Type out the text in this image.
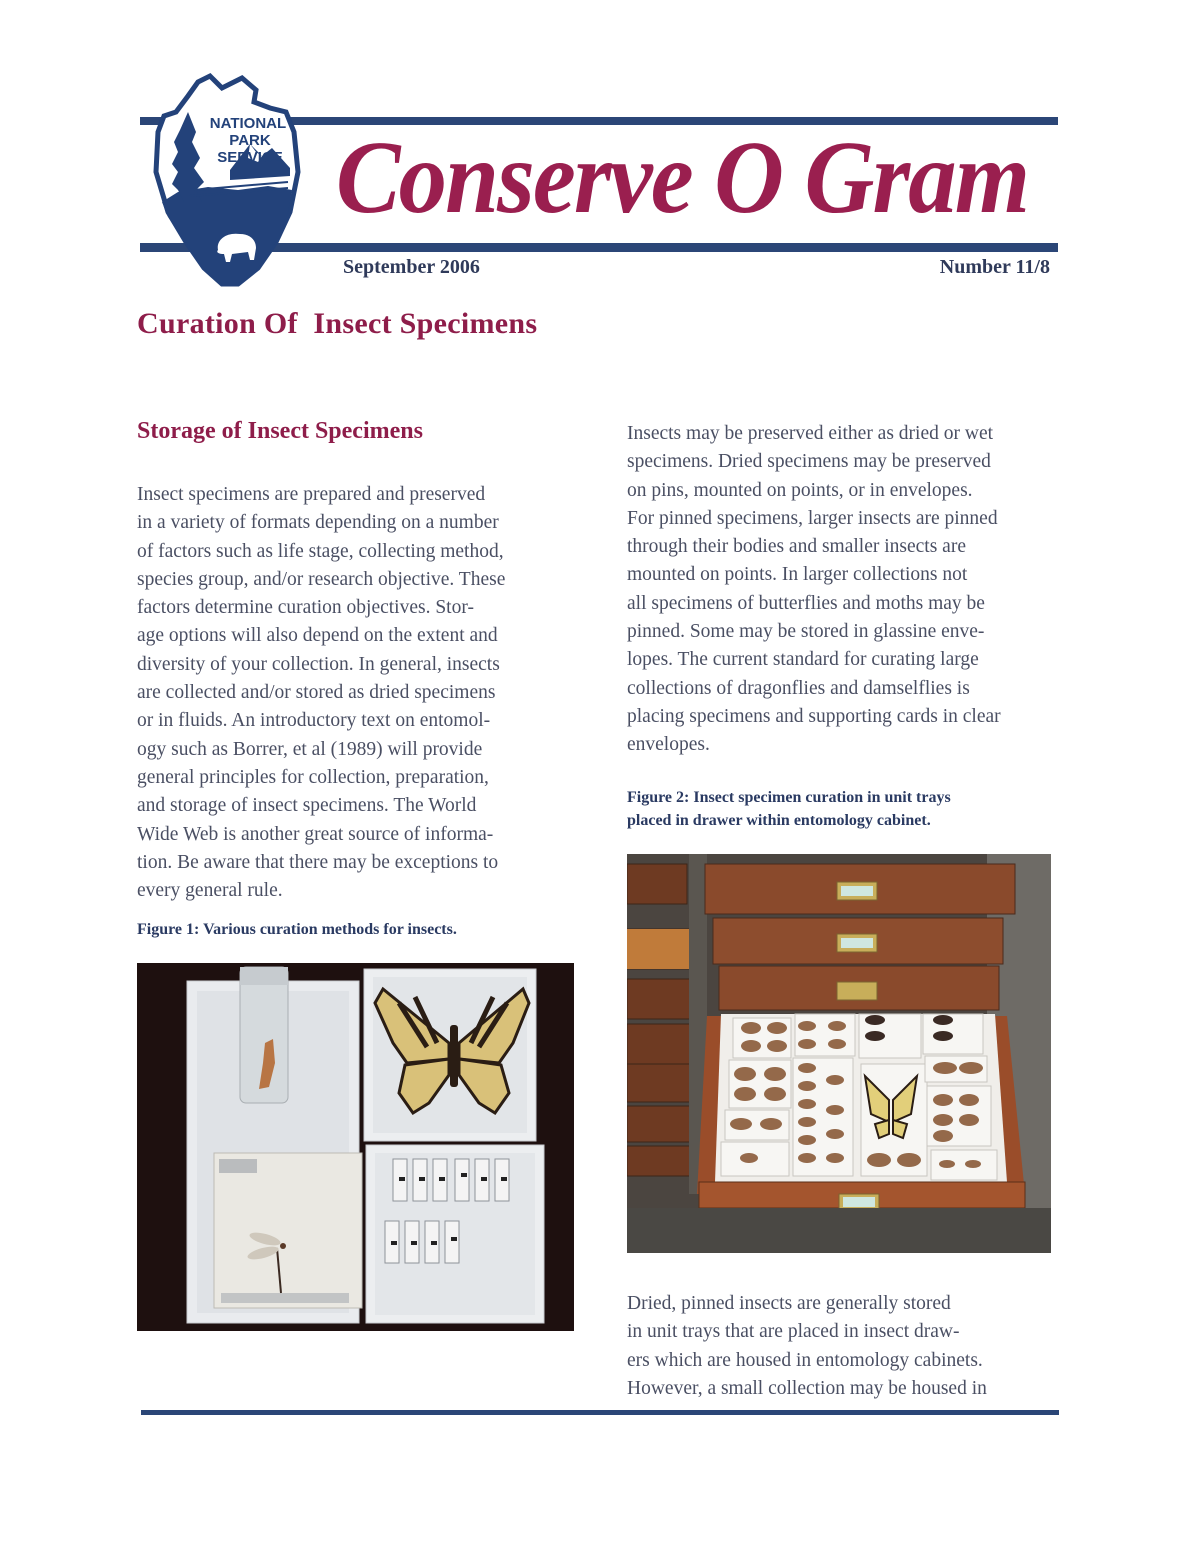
NATIONAL
PARK
SERVICE Conserve O Gram
September 2006	Number 11/8
Curation Of  Insect Specimens
Storage of Insect Specimens

Insect specimens are prepared and preserved
in a variety of formats depending on a number
of factors such as life stage, collecting method,
species group, and/or research objective. These
factors determine curation objectives. Stor-
age options will also depend on the extent and
diversity of your collection. In general, insects
are collected and/or stored as dried specimens
or in fluids. An introductory text on entomol-
ogy such as Borrer, et al (1989) will provide
general principles for collection, preparation,
and storage of insect specimens. The World
Wide Web is another great source of informa-
tion. Be aware that there may be exceptions to
every general rule.

Figure 1: Various curation methods for insects.

Insects may be preserved either as dried or wet
specimens. Dried specimens may be preserved
on pins, mounted on points, or in envelopes.
For pinned specimens, larger insects are pinned
through their bodies and smaller insects are
mounted on points. In larger collections not
all specimens of butterflies and moths may be
pinned. Some may be stored in glassine enve-
lopes. The current standard for curating large
collections of dragonflies and damselflies is
placing specimens and supporting cards in clear
envelopes.

Figure 2: Insect specimen curation in unit trays
placed in drawer within entomology cabinet.

Dried, pinned insects are generally stored
in unit trays that are placed in insect draw-
ers which are housed in entomology cabinets.
However, a small collection may be housed in
